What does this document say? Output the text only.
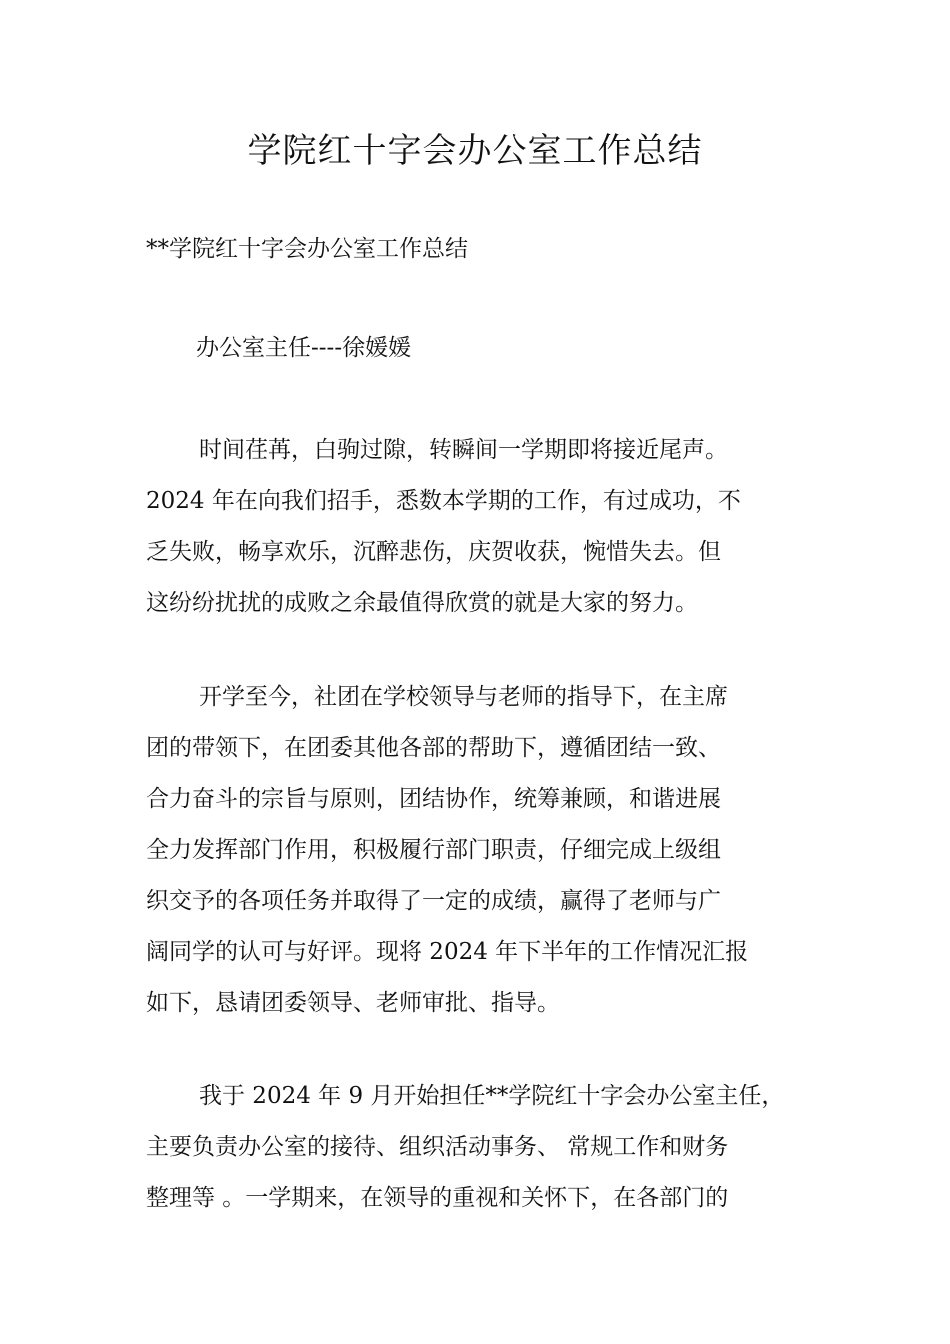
学院红十字会办公室工作总结
**学院红十字会办公室工作总结
办公室主任----徐媛媛
时间荏苒，白驹过隙，转瞬间一学期即将接近尾声。
2024 年在向我们招手，悉数本学期的工作，有过成功，不
乏失败，畅享欢乐，沉醉悲伤，庆贺收获，惋惜失去。但
这纷纷扰扰的成败之余最值得欣赏的就是大家的努力。
开学至今，社团在学校领导与老师的指导下，在主席
团的带领下，在团委其他各部的帮助下，遵循团结一致、
合力奋斗的宗旨与原则，团结协作，统筹兼顾，和谐进展
全力发挥部门作用，积极履行部门职责，仔细完成上级组
织交予的各项任务并取得了一定的成绩，赢得了老师与广
阔同学的认可与好评。现将 2024 年下半年的工作情况汇报
如下，恳请团委领导、老师审批、指导。
我于 2024 年 9 月开始担任**学院红十字会办公室主任，
主要负责办公室的接待、组织活动事务、 常规工作和财务
整理等 。一学期来，在领导的重视和关怀下，在各部门的
